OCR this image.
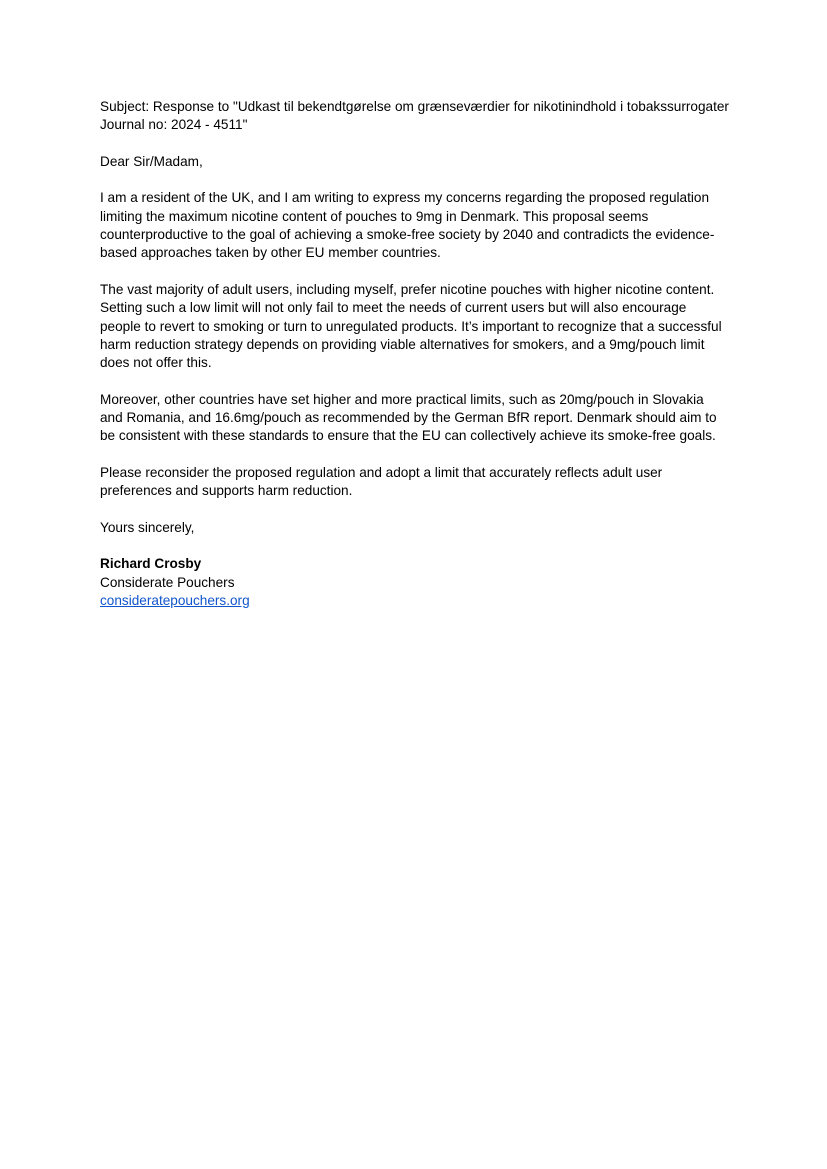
Subject: Response to "Udkast til bekendtgørelse om grænseværdier for nikotinindhold i tobakssurrogater Journal no: 2024 - 4511"

Dear Sir/Madam,

I am a resident of the UK, and I am writing to express my concerns regarding the proposed regulation limiting the maximum nicotine content of pouches to 9mg in Denmark. This proposal seems counterproductive to the goal of achieving a smoke-free society by 2040 and contradicts the evidence-based approaches taken by other EU member countries.

The vast majority of adult users, including myself, prefer nicotine pouches with higher nicotine content. Setting such a low limit will not only fail to meet the needs of current users but will also encourage people to revert to smoking or turn to unregulated products. It’s important to recognize that a successful harm reduction strategy depends on providing viable alternatives for smokers, and a 9mg/pouch limit does not offer this.

Moreover, other countries have set higher and more practical limits, such as 20mg/pouch in Slovakia and Romania, and 16.6mg/pouch as recommended by the German BfR report. Denmark should aim to be consistent with these standards to ensure that the EU can collectively achieve its smoke-free goals.

Please reconsider the proposed regulation and adopt a limit that accurately reflects adult user preferences and supports harm reduction.

Yours sincerely,

Richard Crosby
Considerate Pouchers
consideratepouchers.org
